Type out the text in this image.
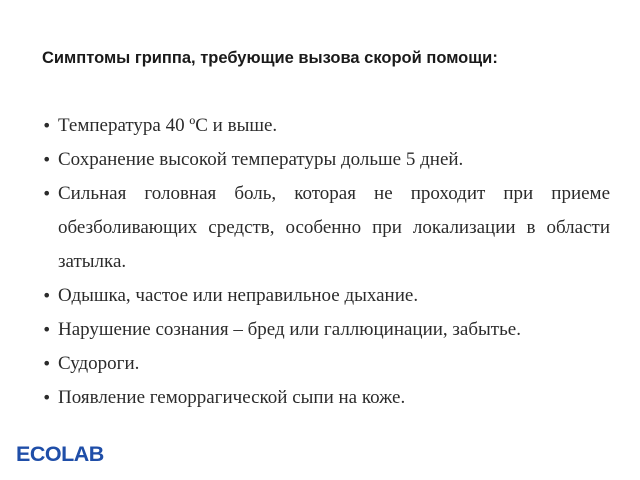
Симптомы гриппа, требующие вызова скорой помощи:
• Температура 40 ºС и выше.
• Сохранение высокой температуры дольше 5 дней.
• Сильная головная боль, которая не проходит при приеме обезболивающих средств, особенно при локализации в области затылка.
• Одышка, частое или неправильное дыхание.
• Нарушение сознания – бред или галлюцинации, забытье.
• Судороги.
• Появление геморрагической сыпи на коже.
ECOLAB
